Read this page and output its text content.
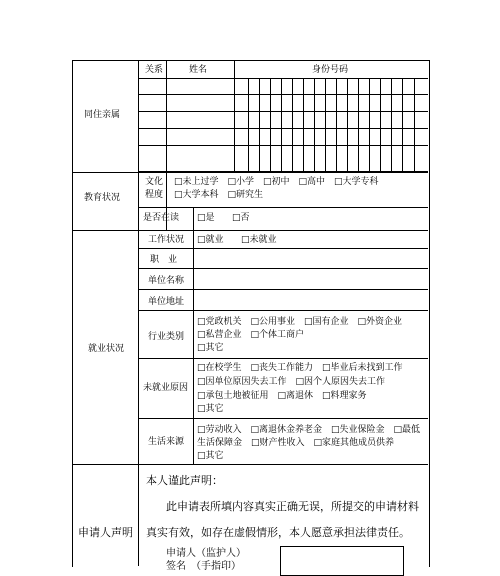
关系	姓名	身份号码
同住亲属
文化
程度
□未上过学　□小学　□初中　□高中　□大学专科
□大学本科　□研究生
教育状况
是否在读 □是 □否
就业状况
工作状况 □就业 □未就业
职　业
单位名称
单位地址
行业类别
□党政机关　□公用事业　□国有企业　□外资企业
□私营企业　□个体工商户
□其它
未就业原因
□在校学生　□丧失工作能力　□毕业后未找到工作
□因单位原因失去工作　□因个人原因失去工作
□承包土地被征用　□离退休　□料理家务
□其它
生活来源
□劳动收入　□离退休金养老金　□失业保险金　□最低
生活保障金　□财产性收入　□家庭其他成员供养
□其它
申请人声明
本人谨此声明：
此申请表所填内容真实正确无误，所提交的申请材料
真实有效，如存在虚假情形，本人愿意承担法律责任。
申请人（监护人）
签名　（手指印）
